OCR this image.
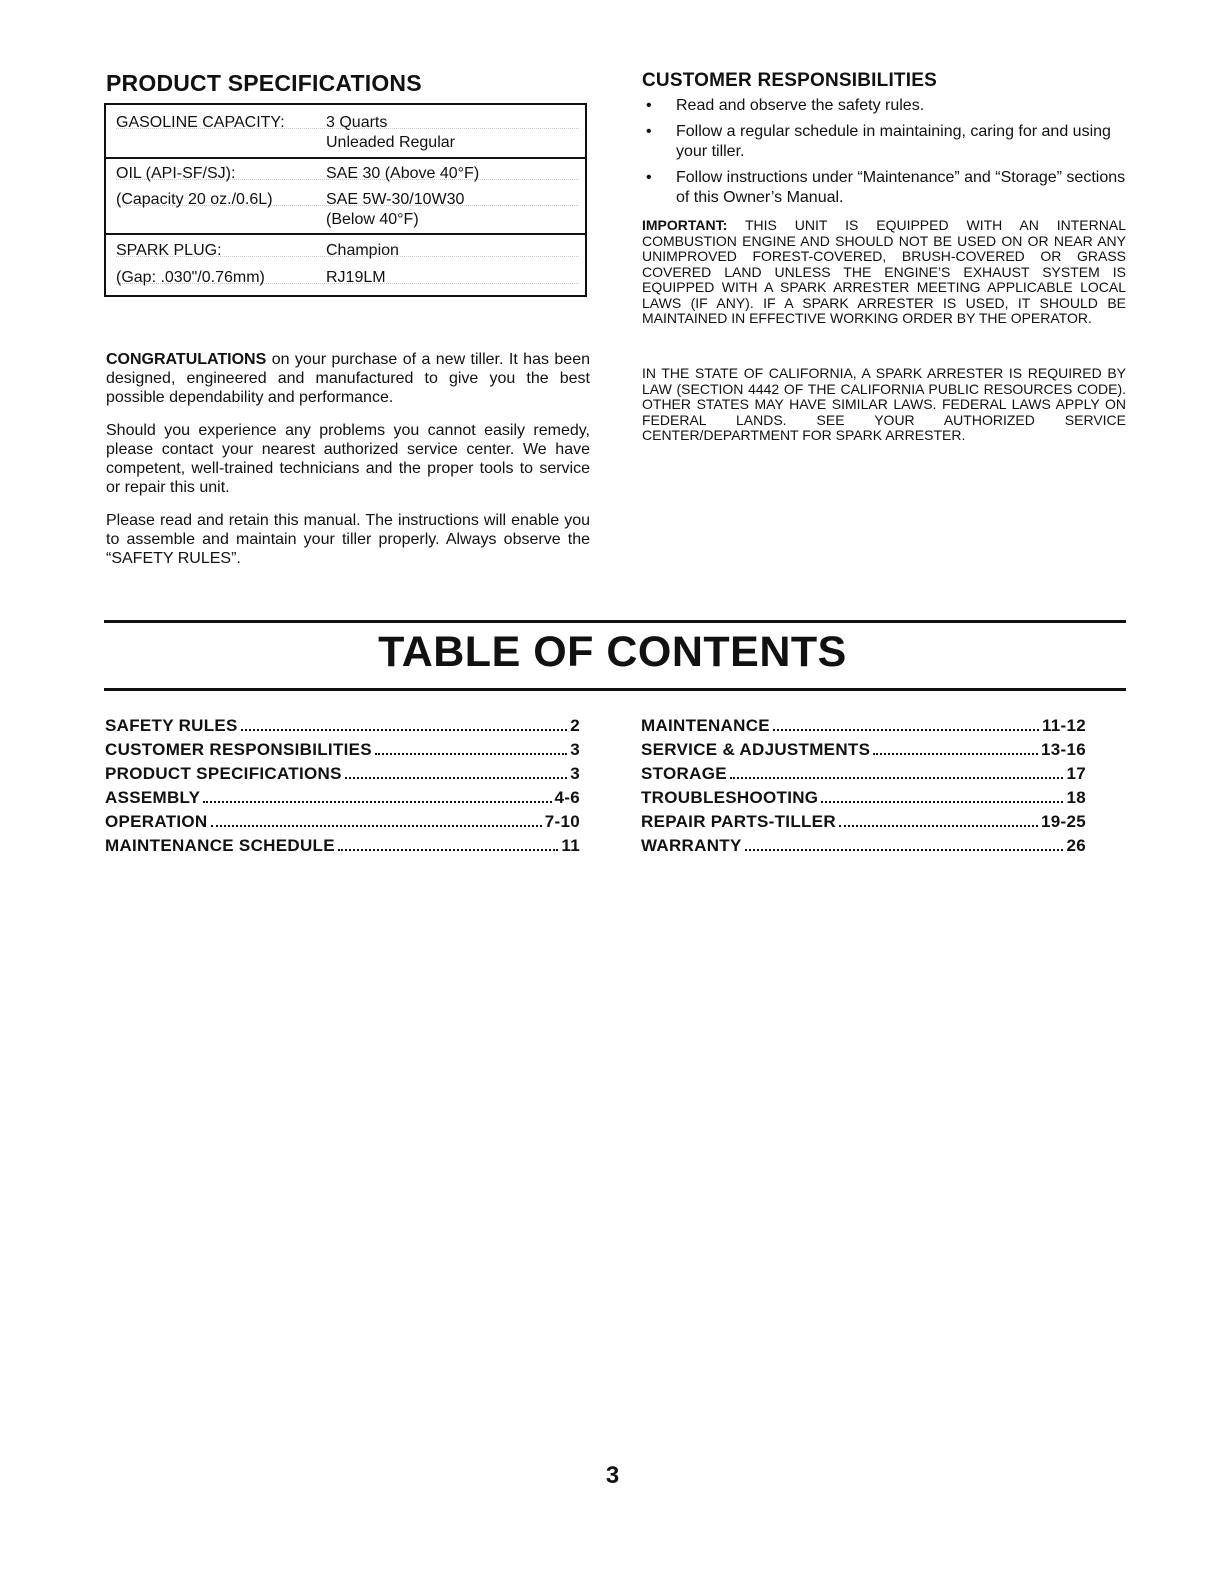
PRODUCT SPECIFICATIONS
GASOLINE CAPACITY:	3 Quarts
Unleaded Regular
OIL (API-SF/SJ):	SAE 30 (Above 40°F)
(Capacity 20 oz./0.6L)	SAE 5W-30/10W30
(Below 40°F)
SPARK PLUG:	Champion
(Gap: .030"/0.76mm)	RJ19LM
CONGRATULATIONS on your purchase of a new tiller. It has been designed, engineered and manufactured to give you the best possible dependability and performance.
Should you experience any problems you cannot easily remedy, please contact your nearest authorized service center. We have competent, well-trained technicians and the proper tools to service or repair this unit.
Please read and retain this manual. The instructions will enable you to assemble and maintain your tiller properly. Always observe the “SAFETY RULES”.
CUSTOMER RESPONSIBILITIES
• Read and observe the safety rules.
• Follow a regular schedule in maintaining, caring for and using your tiller.
• Follow instructions under “Maintenance” and “Storage” sections of this Owner’s Manual.
IMPORTANT: THIS UNIT IS EQUIPPED WITH AN INTERNAL COMBUSTION ENGINE AND SHOULD NOT BE USED ON OR NEAR ANY UNIMPROVED FOREST-COVERED, BRUSH-COVERED OR GRASS COVERED LAND UNLESS THE ENGINE’S EXHAUST SYSTEM IS EQUIPPED WITH A SPARK ARRESTER MEETING APPLICABLE LOCAL LAWS (IF ANY). IF A SPARK ARRESTER IS USED, IT SHOULD BE MAINTAINED IN EFFECTIVE WORKING ORDER BY THE OPERATOR.
IN THE STATE OF CALIFORNIA, A SPARK ARRESTER IS REQUIRED BY LAW (SECTION 4442 OF THE CALIFORNIA PUBLIC RESOURCES CODE). OTHER STATES MAY HAVE SIMILAR LAWS. FEDERAL LAWS APPLY ON FEDERAL LANDS. SEE YOUR AUTHORIZED SERVICE CENTER/DEPARTMENT FOR SPARK ARRESTER.
TABLE OF CONTENTS
SAFETY RULES	2
CUSTOMER RESPONSIBILITIES	3
PRODUCT SPECIFICATIONS	3
ASSEMBLY	4-6
OPERATION	7-10
MAINTENANCE SCHEDULE	11
MAINTENANCE	11-12
SERVICE & ADJUSTMENTS	13-16
STORAGE	17
TROUBLESHOOTING	18
REPAIR PARTS-TILLER	19-25
WARRANTY	26
3
